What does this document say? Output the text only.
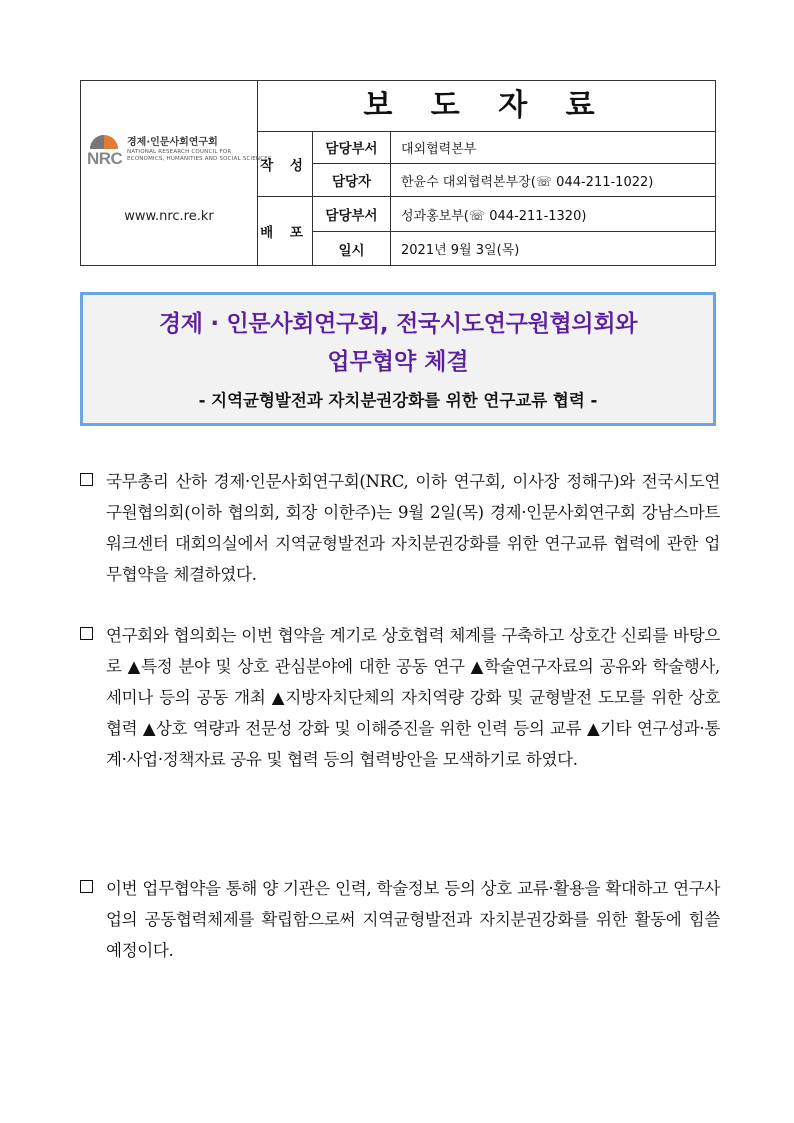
NRC
경제·인문사회연구회
NATIONAL RESEARCH COUNCIL FOR
ECONOMICS, HUMANITIES AND SOCIAL SCIENCES
www.nrc.re.kr
보 도 자 료
작 성
배 포
담당부서	대외협력본부
담당자	한윤수 대외협력본부장(☏ 044-211-1022)
담당부서	성과홍보부(☏ 044-211-1320)
일시	2021년 9월 3일(목)
경제 · 인문사회연구회, 전국시도연구원협의회와
업무협약 체결
- 지역균형발전과 자치분권강화를 위한 연구교류 협력 -
국무총리 산하 경제·인문사회연구회(NRC, 이하 연구회, 이사장 정해구)와 전국시도연구원협의회(이하 협의회, 회장 이한주)는 9월 2일(목) 경제·인문사회연구회 강남스마트워크센터 대회의실에서 지역균형발전과 자치분권강화를 위한 연구교류 협력에 관한 업무협약을 체결하였다.
연구회와 협의회는 이번 협약을 계기로 상호협력 체계를 구축하고 상호간 신뢰를 바탕으로 ▲특정 분야 및 상호 관심분야에 대한 공동 연구 ▲학술연구자료의 공유와 학술행사, 세미나 등의 공동 개최 ▲지방자치단체의 자치역량 강화 및 균형발전 도모를 위한 상호 협력 ▲상호 역량과 전문성 강화 및 이해증진을 위한 인력 등의 교류 ▲기타 연구성과·통계·사업·정책자료 공유 및 협력 등의 협력방안을 모색하기로 하였다.
이번 업무협약을 통해 양 기관은 인력, 학술정보 등의 상호 교류·활용을 확대하고 연구사업의 공동협력체제를 확립함으로써 지역균형발전과 자치분권강화를 위한 활동에 힘쓸 예정이다.
